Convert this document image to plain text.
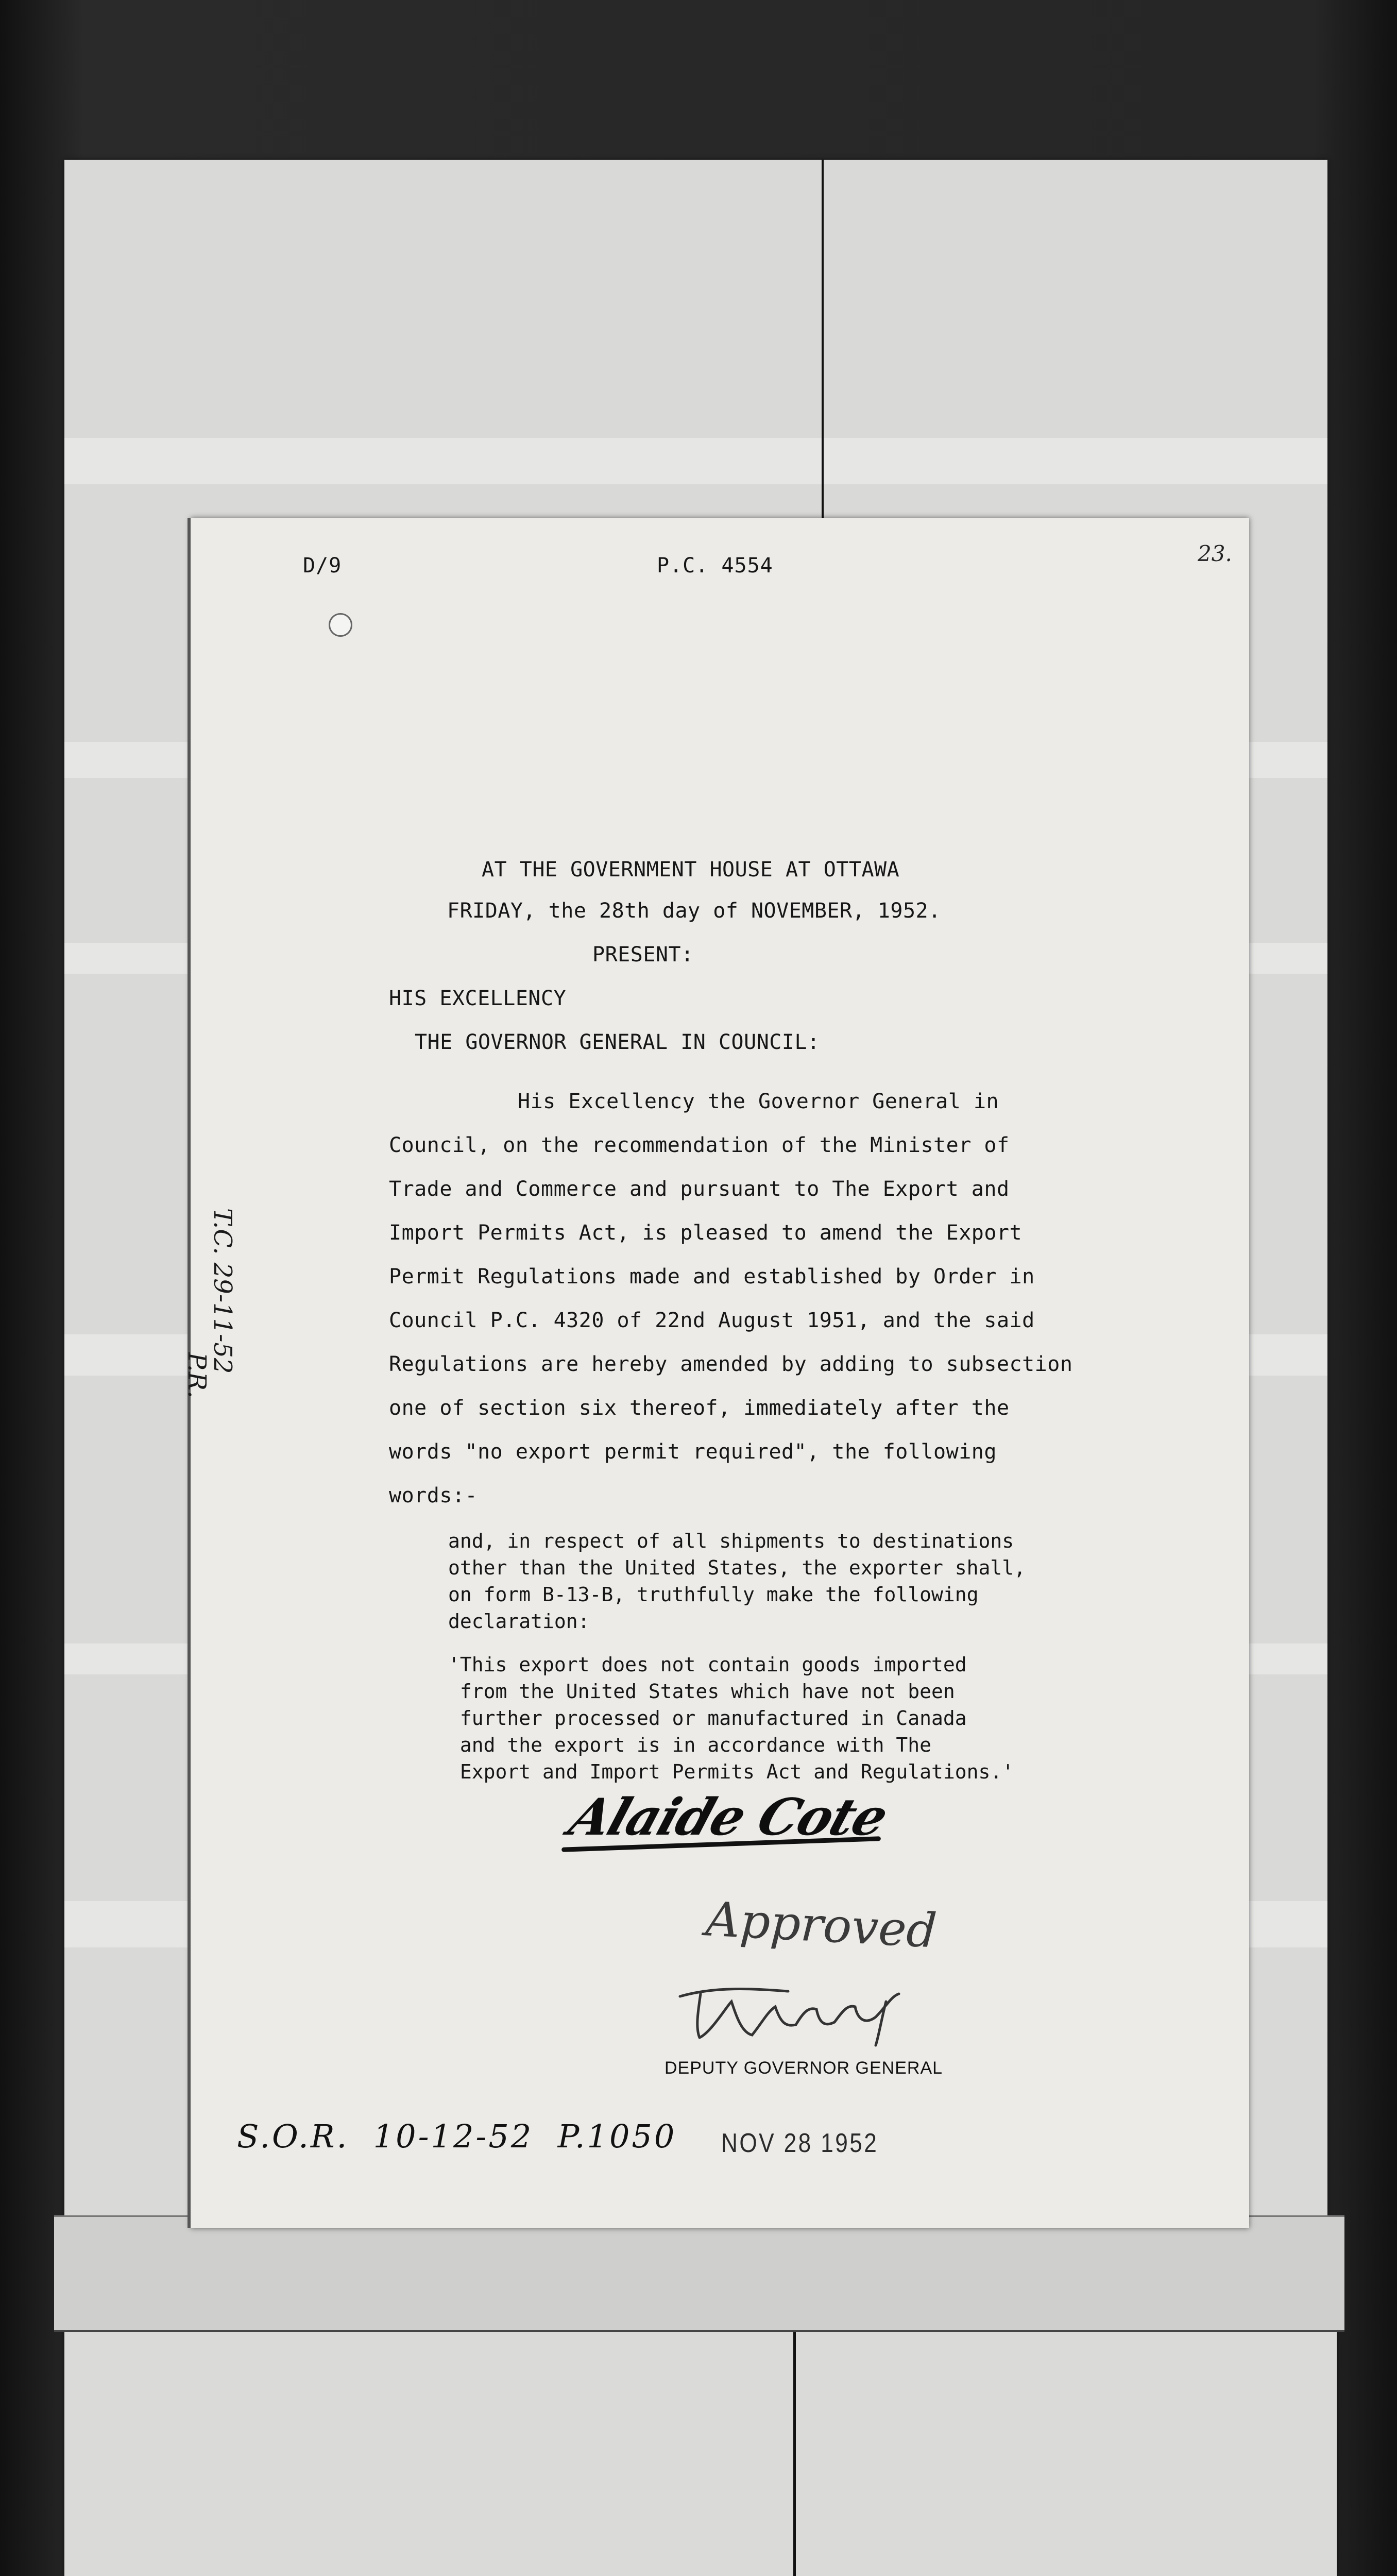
D/9	P.C. 4554	23.
AT THE GOVERNMENT HOUSE AT OTTAWA
FRIDAY, the 28th day of NOVEMBER, 1952.
PRESENT:
HIS EXCELLENCY
THE GOVERNOR GENERAL IN COUNCIL:
His Excellency the Governor General in
Council, on the recommendation of the Minister of
Trade and Commerce and pursuant to The Export and
Import Permits Act, is pleased to amend the Export
Permit Regulations made and established by Order in
Council P.C. 4320 of 22nd August 1951, and the said
Regulations are hereby amended by adding to subsection
one of section six thereof, immediately after the
words "no export permit required", the following
words:-
and, in respect of all shipments to destinations
other than the United States, the exporter shall,
on form B-13-B, truthfully make the following
declaration:
'This export does not contain goods imported
from the United States which have not been
further processed or manufactured in Canada
and the export is in accordance with The
Export and Import Permits Act and Regulations.'
Alaide Cote
Approved
DEPUTY GOVERNOR GENERAL
NOV 28 1952
S.O.R.  10-12-52  P.1050
T.C. 29-11-52
P.R.
